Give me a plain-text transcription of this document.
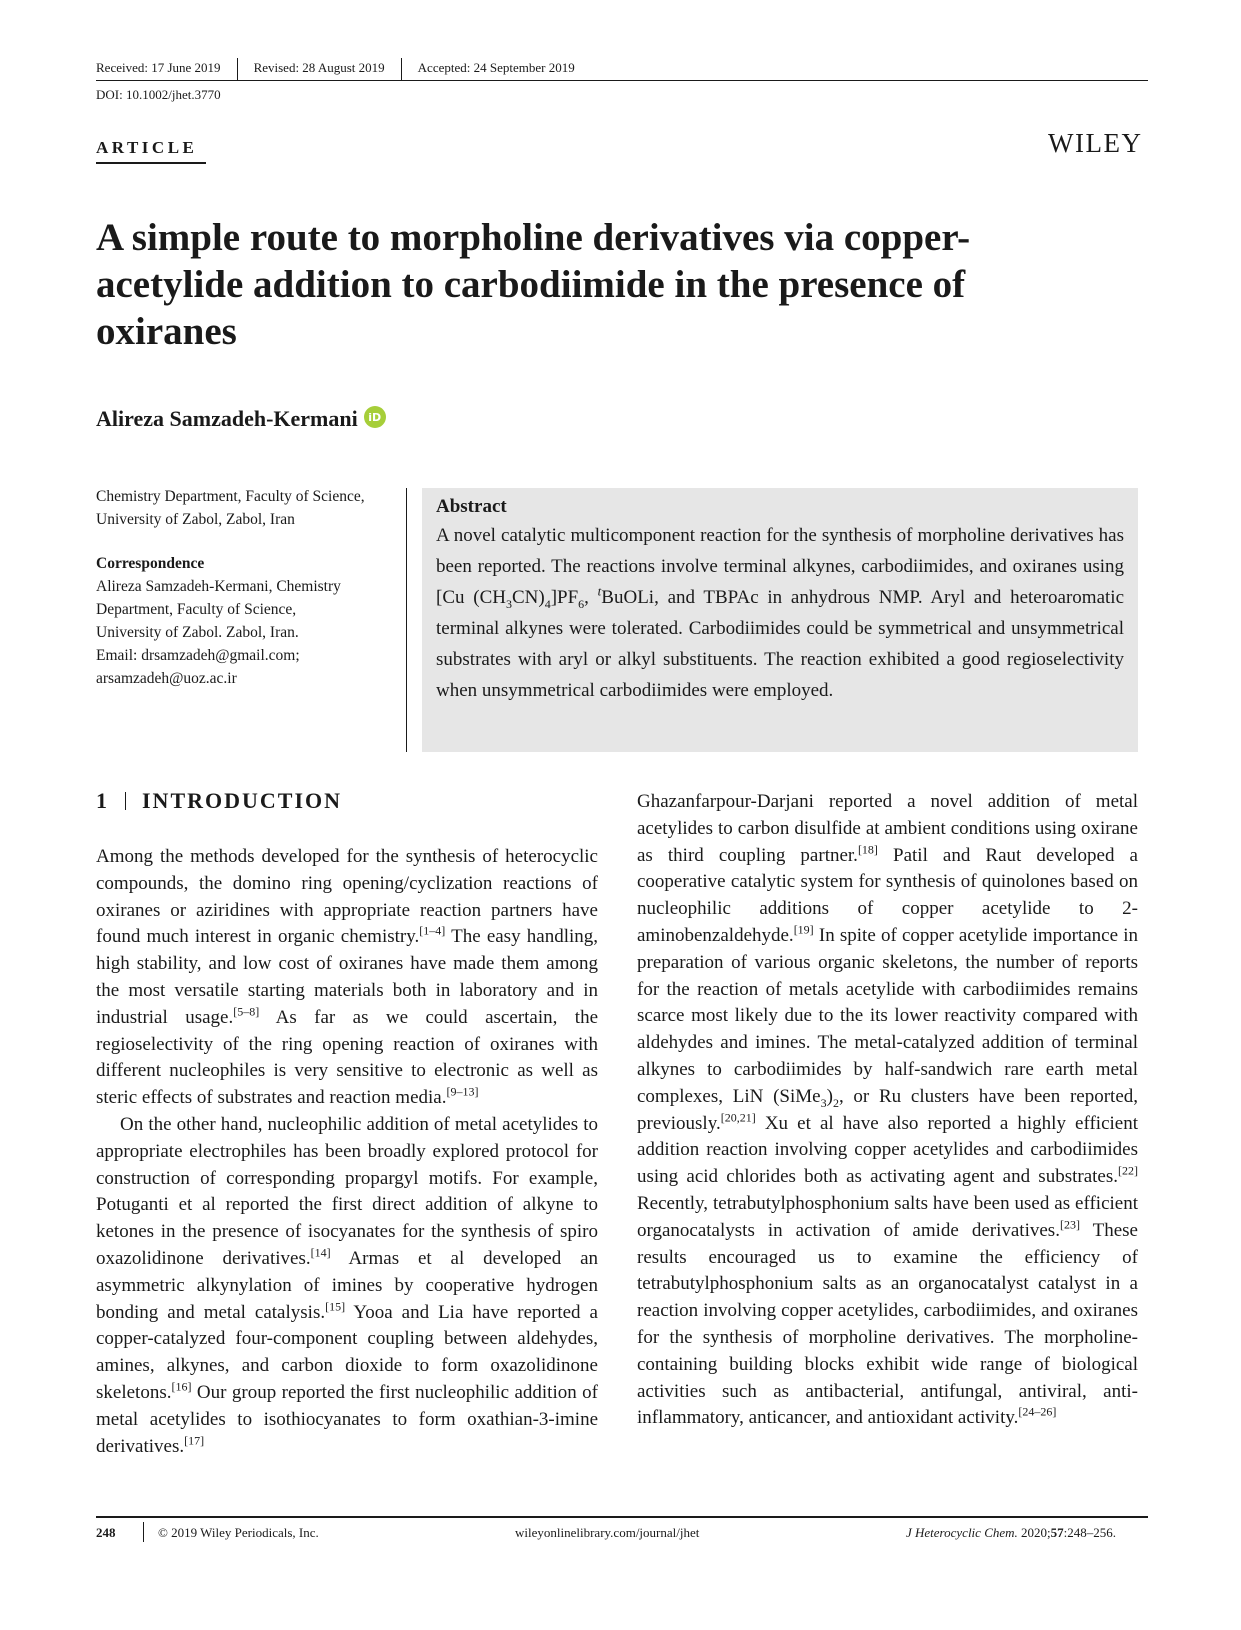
Received: 17 June 2019	Revised: 28 August 2019	Accepted: 24 September 2019
DOI: 10.1002/jhet.3770
ARTICLE	WILEY
A simple route to morpholine derivatives via copper-acetylide addition to carbodiimide in the presence of oxiranes
Alireza Samzadeh-Kermani iD
Chemistry Department, Faculty of Science, University of Zabol, Zabol, Iran
Correspondence
Alireza Samzadeh-Kermani, Chemistry
Department, Faculty of Science,
University of Zabol. Zabol, Iran.
Email: drsamzadeh@gmail.com;
arsamzadeh@uoz.ac.ir
Abstract

A novel catalytic multicomponent reaction for the synthesis of morpholine derivatives has been reported. The reactions involve terminal alkynes, carbodiimides, and oxiranes using [Cu $(CH_3CN)_4]PF_6$, $^t$BuOLi, and TBPAc in anhydrous NMP. Aryl and heteroaromatic terminal alkynes were tolerated. Carbodiimides could be symmetrical and unsymmetrical substrates with aryl or alkyl substituents. The reaction exhibited a good regioselectivity when unsymmetrical carbodiimides were employed.

1 INTRODUCTION

Among the methods developed for the synthesis of heterocyclic compounds, the domino ring opening/cyclization reactions of oxiranes or aziridines with appropriate reaction partners have found much interest in organic chemistry.[1–4] The easy handling, high stability, and low cost of oxiranes have made them among the most versatile starting materials both in laboratory and in industrial usage.[5–8] As far as we could ascertain, the regioselectivity of the ring opening reaction of oxiranes with different nucleophiles is very sensitive to electronic as well as steric effects of substrates and reaction media.[9–13]

On the other hand, nucleophilic addition of metal acetylides to appropriate electrophiles has been broadly explored protocol for construction of corresponding propargyl motifs. For example, Potuganti et al reported the first direct addition of alkyne to ketones in the presence of isocyanates for the synthesis of spiro oxazolidinone derivatives.[14] Armas et al developed an asymmetric alkynylation of imines by cooperative hydrogen bonding and metal catalysis.[15] Yooa and Lia have reported a copper-catalyzed four-component coupling between aldehydes, amines, alkynes, and carbon dioxide to form oxazolidinone skeletons.[16] Our group reported the first nucleophilic addition of metal acetylides to isothiocyanates to form oxathian-3-imine derivatives.[17]

Ghazanfarpour-Darjani reported a novel addition of metal acetylides to carbon disulfide at ambient conditions using oxirane as third coupling partner.[18] Patil and Raut developed a cooperative catalytic system for synthesis of quinolones based on nucleophilic additions of copper acetylide to 2-aminobenzaldehyde.[19] In spite of copper acetylide importance in preparation of various organic skeletons, the number of reports for the reaction of metals acetylide with carbodiimides remains scarce most likely due to the its lower reactivity compared with aldehydes and imines. The metal-catalyzed addition of terminal alkynes to carbodiimides by half-sandwich rare earth metal complexes, LiN $(SiMe_3)_2$, or Ru clusters have been reported, previously.[20,21] Xu et al have also reported a highly efficient addition reaction involving copper acetylides and carbodiimides using acid chlorides both as activating agent and substrates.[22] Recently, tetrabutylphosphonium salts have been used as efficient organocatalysts in activation of amide derivatives.[23] These results encouraged us to examine the efficiency of tetrabutylphosphonium salts as an organocatalyst catalyst in a reaction involving copper acetylides, carbodiimides, and oxiranes for the synthesis of morpholine derivatives. The morpholine-containing building blocks exhibit wide range of biological activities such as antibacterial, antifungal, antiviral, anti-inflammatory, anticancer, and antioxidant activity.[24–26]

248	© 2019 Wiley Periodicals, Inc.	wileyonlinelibrary.com/journal/jhet	J Heterocyclic Chem. 2020;57:248–256.
